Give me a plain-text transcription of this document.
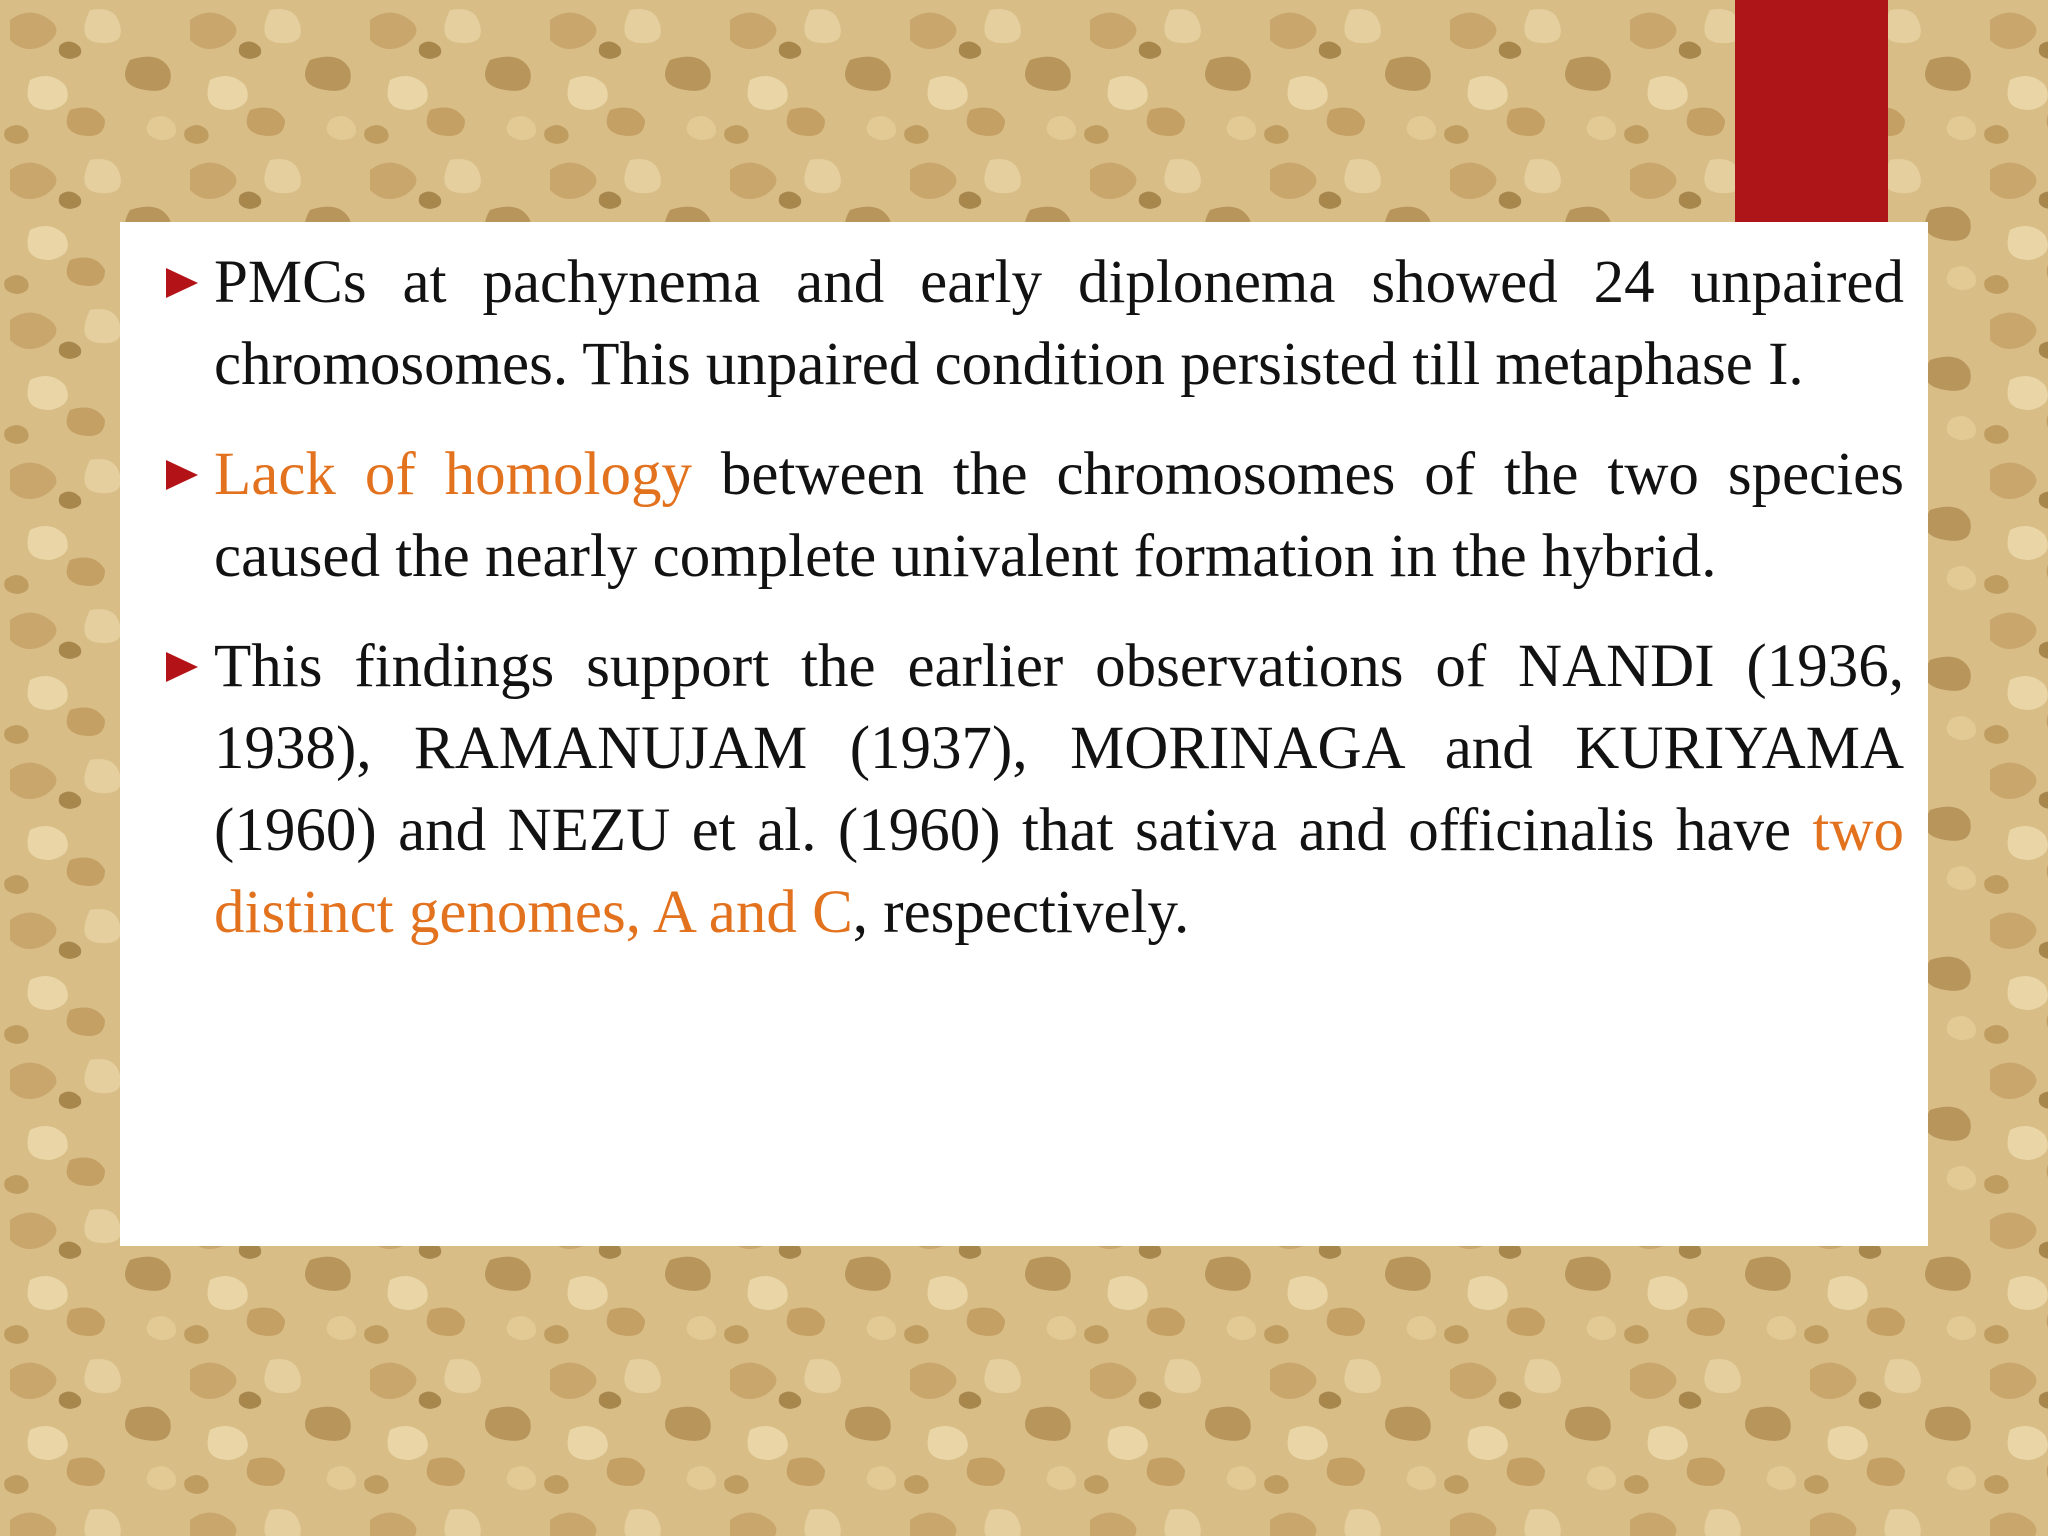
PMCs at pachynema and early diplonema showed 24 unpaired chromosomes. This unpaired condition persisted till metaphase I.
Lack of homology between the chromosomes of the two species caused the nearly complete univalent formation in the hybrid.
This findings support the earlier observations of NANDI (1936, 1938), RAMANUJAM (1937), MORINAGA and KURIYAMA (1960) and NEZU et al. (1960) that sativa and officinalis have two distinct genomes, A and C, respectively.
